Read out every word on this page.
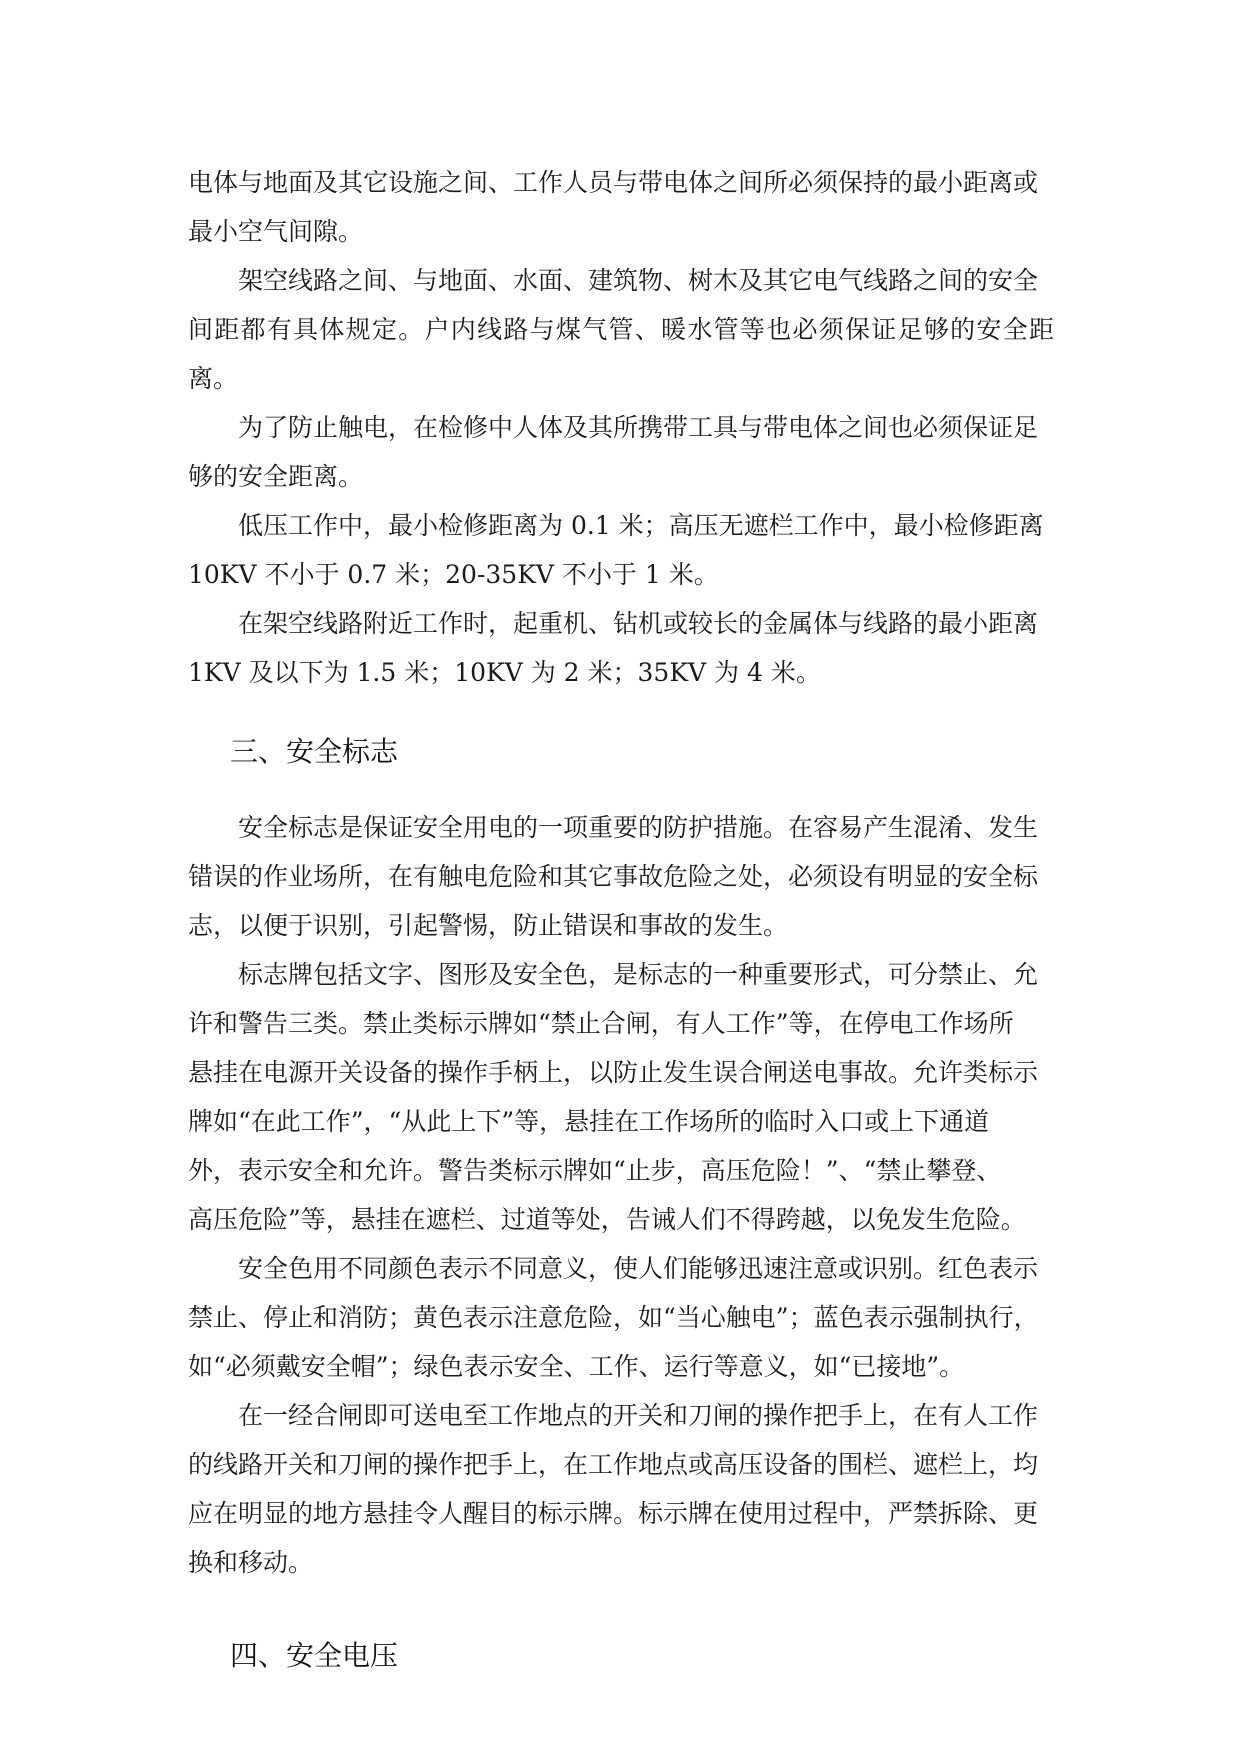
电体与地面及其它设施之间、工作人员与带电体之间所必须保持的最小距离或
最小空气间隙。

架空线路之间、与地面、水面、建筑物、树木及其它电气线路之间的安全
间距都有具体规定。户内线路与煤气管、暖水管等也必须保证足够的安全距离。

为了防止触电，在检修中人体及其所携带工具与带电体之间也必须保证足
够的安全距离。

低压工作中，最小检修距离为 0.1 米；高压无遮栏工作中，最小检修距离
10KV 不小于 0.7 米；20-35KV 不小于 1 米。

在架空线路附近工作时，起重机、钻机或较长的金属体与线路的最小距离
1KV 及以下为 1.5 米；10KV 为 2 米；35KV 为 4 米。

三、安全标志

安全标志是保证安全用电的一项重要的防护措施。在容易产生混淆、发生
错误的作业场所，在有触电危险和其它事故危险之处，必须设有明显的安全标
志，以便于识别，引起警惕，防止错误和事故的发生。

标志牌包括文字、图形及安全色，是标志的一种重要形式，可分禁止、允
许和警告三类。禁止类标示牌如“禁止合闸，有人工作”等，在停电工作场所
悬挂在电源开关设备的操作手柄上，以防止发生误合闸送电事故。允许类标示
牌如“在此工作”，“从此上下”等，悬挂在工作场所的临时入口或上下通道
外，表示安全和允许。警告类标示牌如“止步，高压危险！”、“禁止攀登、
高压危险”等，悬挂在遮栏、过道等处，告诫人们不得跨越，以免发生危险。

安全色用不同颜色表示不同意义，使人们能够迅速注意或识别。红色表示
禁止、停止和消防；黄色表示注意危险，如“当心触电”；蓝色表示强制执行，
如“必须戴安全帽”；绿色表示安全、工作、运行等意义，如“已接地”。

在一经合闸即可送电至工作地点的开关和刀闸的操作把手上，在有人工作
的线路开关和刀闸的操作把手上，在工作地点或高压设备的围栏、遮栏上，均
应在明显的地方悬挂令人醒目的标示牌。标示牌在使用过程中，严禁拆除、更
换和移动。

四、安全电压
